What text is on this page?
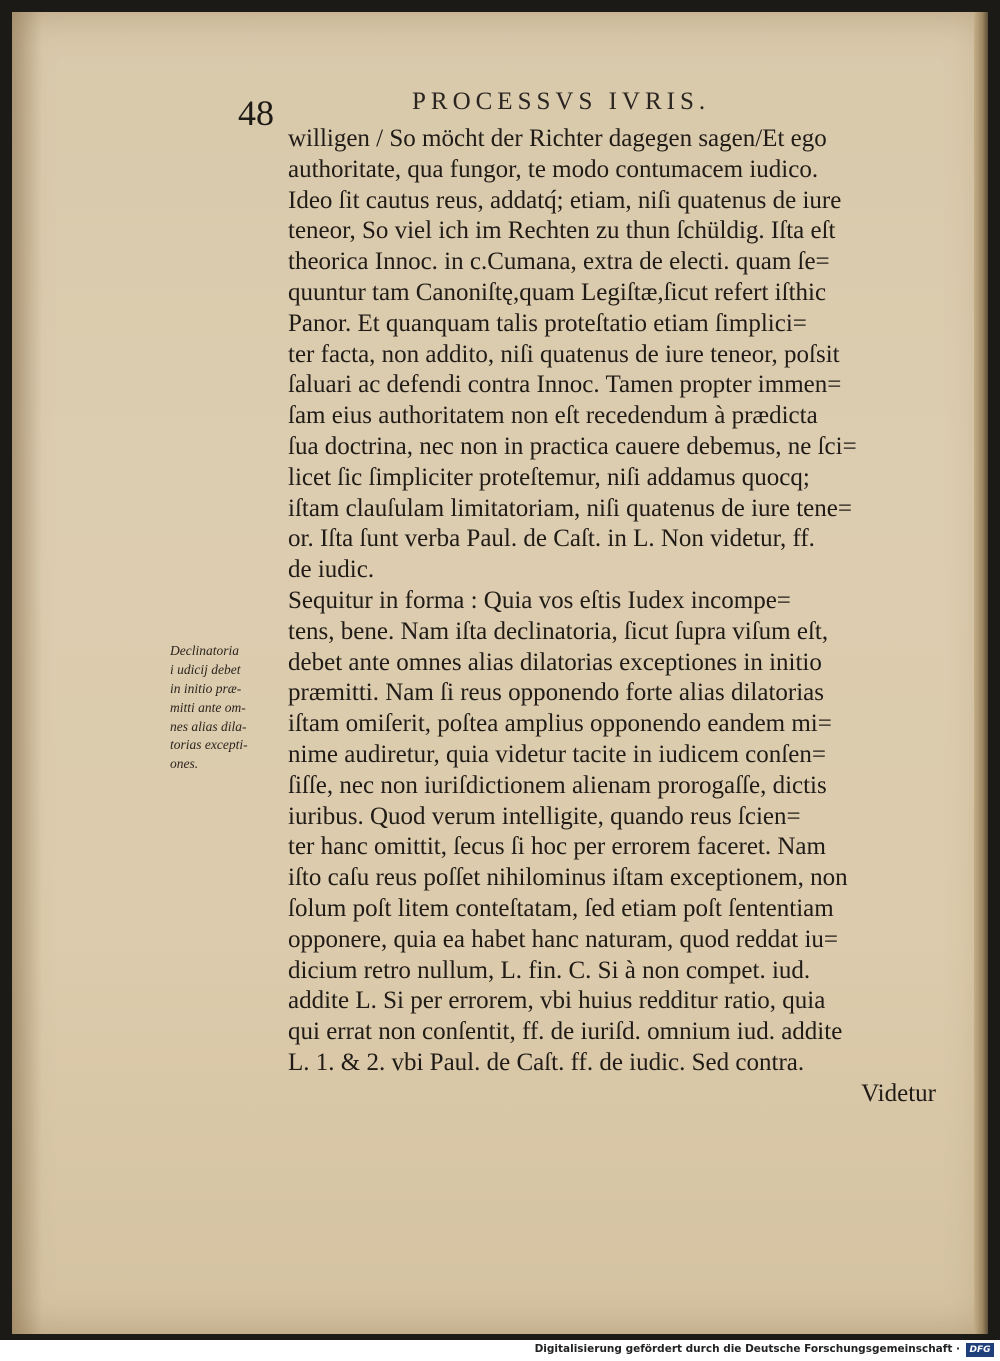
48	PROCESSVS IVRIS.
willigen / So möcht der Richter dagegen sagen/Et ego
authoritate, qua fungor, te modo contumacem iudico.
Ideo ſit cautus reus, addatq́; etiam, niſi quatenus de iure
teneor, So viel ich im Rechten zu thun ſchüldig. Iſta eſt
theorica Innoc. in c.Cumana, extra de electi. quam ſe=
quuntur tam Canoniſtę,quam Legiſtæ,ſicut refert iſthic
Panor. Et quanquam talis proteſtatio etiam ſimplici=
ter facta, non addito, niſi quatenus de iure teneor, poſsit
ſaluari ac defendi contra Innoc. Tamen propter immen=
ſam eius authoritatem non eſt recedendum à prædicta
ſua doctrina, nec non in practica cauere debemus, ne ſci=
licet ſic ſimpliciter proteſtemur, niſi addamus quocq;
iſtam clauſulam limitatoriam, niſi quatenus de iure tene=
or. Iſta ſunt verba Paul. de Caſt. in L. Non videtur, ff.
de iudic.
Sequitur in forma : Quia vos eſtis Iudex incompe=
tens, bene. Nam iſta declinatoria, ſicut ſupra viſum eſt,
debet ante omnes alias dilatorias exceptiones in initio
præmitti. Nam ſi reus opponendo forte alias dilatorias
iſtam omiſerit, poſtea amplius opponendo eandem mi=
nime audiretur, quia videtur tacite in iudicem conſen=
ſiſſe, nec non iuriſdictionem alienam prorogaſſe, dictis
iuribus. Quod verum intelligite, quando reus ſcien=
ter hanc omittit, ſecus ſi hoc per errorem faceret. Nam
iſto caſu reus poſſet nihilominus iſtam exceptionem, non
ſolum poſt litem conteſtatam, ſed etiam poſt ſententiam
opponere, quia ea habet hanc naturam, quod reddat iu=
dicium retro nullum, L. fin. C. Si à non compet. iud.
addite L. Si per errorem, vbi huius redditur ratio, quia
qui errat non conſentit, ff. de iuriſd. omnium iud. addite
L. 1. & 2. vbi Paul. de Caſt. ff. de iudic. Sed contra.
Videtur
Declinatoria
i udicij debet
in initio præ-
mitti ante om-
nes alias dila-
torias excepti-
ones.
Digitalisierung gefördert durch die Deutsche Forschungsgemeinschaft ·	DFG
